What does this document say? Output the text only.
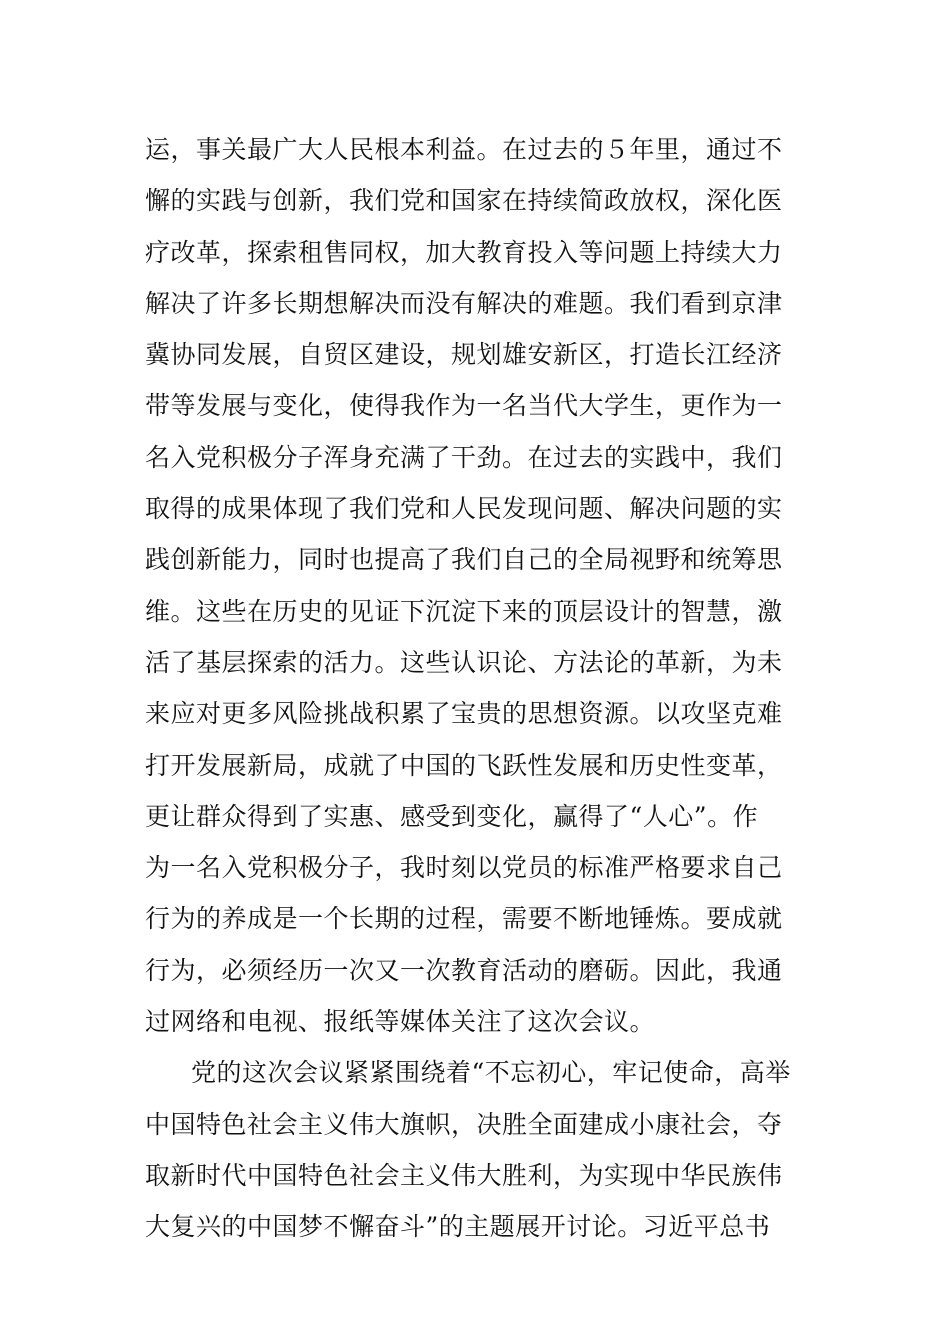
运，事关最广大人民根本利益。在过去的５年里，通过不
懈的实践与创新，我们党和国家在持续简政放权，深化医
疗改革，探索租售同权，加大教育投入等问题上持续大力
解决了许多长期想解决而没有解决的难题。我们看到京津
冀协同发展，自贸区建设，规划雄安新区，打造长江经济
带等发展与变化，使得我作为一名当代大学生，更作为一
名入党积极分子浑身充满了干劲。在过去的实践中，我们
取得的成果体现了我们党和人民发现问题、解决问题的实
践创新能力，同时也提高了我们自己的全局视野和统筹思
维。这些在历史的见证下沉淀下来的顶层设计的智慧，激
活了基层探索的活力。这些认识论、方法论的革新，为未
来应对更多风险挑战积累了宝贵的思想资源。以攻坚克难
打开发展新局，成就了中国的飞跃性发展和历史性变革，
更让群众得到了实惠、感受到变化，赢得了“人心”。作
为一名入党积极分子，我时刻以党员的标准严格要求自己
行为的养成是一个长期的过程，需要不断地锤炼。要成就
行为，必须经历一次又一次教育活动的磨砺。因此，我通
过网络和电视、报纸等媒体关注了这次会议。
党的这次会议紧紧围绕着“不忘初心，牢记使命，高举
中国特色社会主义伟大旗帜，决胜全面建成小康社会，夺
取新时代中国特色社会主义伟大胜利，为实现中华民族伟
大复兴的中国梦不懈奋斗”的主题展开讨论。习近平总书
